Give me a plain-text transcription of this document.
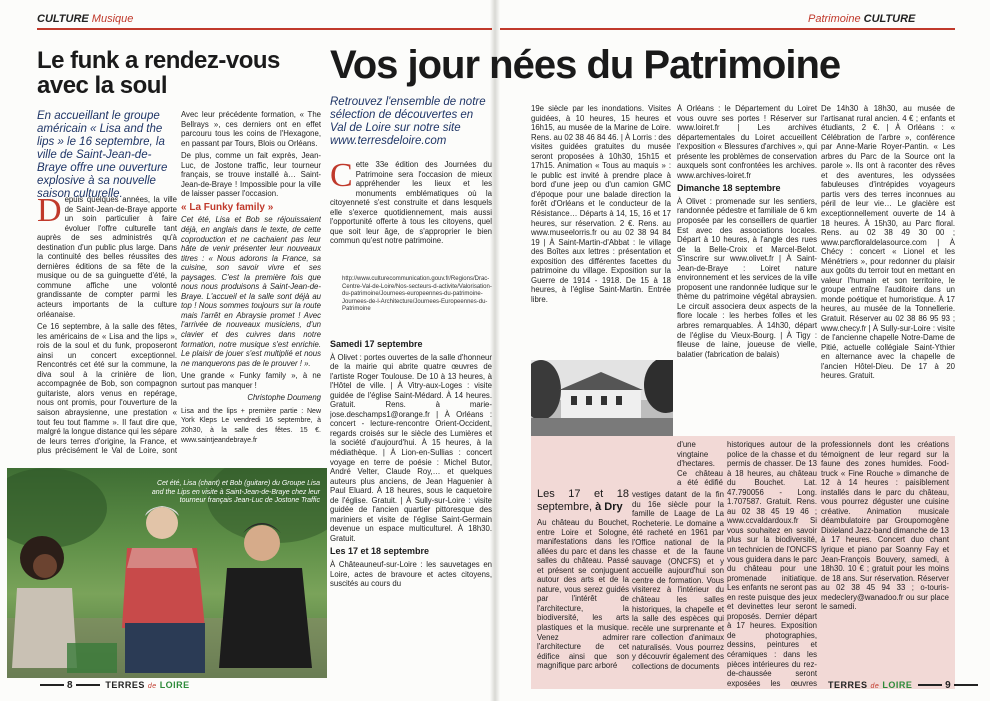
CULTURE Musique
Le funk a rendez-vous avec la soul
En accueillant le groupe américain « Lisa and the lips » le 16 septembre, la ville de Saint-Jean-de-Braye offre une ouverture explosive à sa nouvelle saison culturelle.

Depuis quelques années, la ville de Saint-Jean-de-Braye apporte un soin particulier à faire évoluer l'offre culturelle tant auprès de ses administrés qu'à destination d'un public plus large. Dans la continuité des belles réussites des dernières éditions de sa fête de la musique ou de sa guinguette d'été, la commune affiche une volonté grandissante de compter parmi les acteurs importants de la culture orléanaise.

Ce 16 septembre, à la salle des fêtes, les américains de « Lisa and the lips », rois de la soul et du funk, proposeront ainsi un concert exceptionnel. Rencontrés cet été sur la commune, la diva soul à la crinière de lion, accompagnée de Bob, son compagnon guitariste, alors venus en repérage, nous ont promis, pour l'ouverture de la saison abraysienne, une prestation « tout feu tout flamme ». Il faut dire que, malgré la longue distance qui les sépare de leurs terres d'origine, la France, et plus précisément le Val de Loire, sont

Avec leur précédente formation, « The Bellrays », ces derniers ont en effet parcouru tous les coins de l'Hexagone, en passant par Tours, Blois ou Orléans.

De plus, comme un fait exprès, Jean-Luc, de Jostone traffic, leur tourneur français, se trouve installé à… Saint-Jean-de-Braye ! Impossible pour la ville de laisser passer l'occasion.

« La Funky family »

Cet été, Lisa et Bob se réjouissaient déjà, en anglais dans le texte, de cette coproduction et ne cachaient pas leur hâte de venir présenter leur nouveaux titres : « Nous adorons la France, sa cuisine, son savoir vivre et ses paysages. C'est la première fois que nous nous produisons à Saint-Jean-de-Braye. L'accueil et la salle sont déjà au top ! Nous sommes toujours sur la route mais l'arrêt en Abraysie promet ! Avec l'arrivée de nouveaux musiciens, d'un clavier et des cuivres dans notre formation, notre musique s'est enrichie. Le plaisir de jouer s'est multiplié et nous ne manquerons pas de le prouver ! ».

Une grande « Funky family », à ne surtout pas manquer !

Christophe Doumeng

Lisa and the lips + première partie : New York Kleps Le vendredi 16 septembre, à 20h30, à la salle des fêtes. 15 €. www.saintjeandebraye.fr

Cet été, Lisa (chant) et Bob (guitare) du Groupe Lisa and the Lips en visite à Saint-Jean-de-Braye chez leur tourneur français Jean-Luc de Jostone Traffic
8	TERRES de LOIRE
Patrimoine CULTURE
Vos jour nées du Patrimoine
Retrouvez l'ensemble de notre sélection de découvertes en Val de Loire sur notre site www.terresdeloire.com

Cette 33e édition des Journées du Patrimoine sera l'occasion de mieux appréhender les lieux et les monuments emblématiques où la citoyenneté s'est construite et dans lesquels elle s'exerce quotidiennement, mais aussi l'opportunité offerte à tous les citoyens, quel que soit leur âge, de s'approprier le bien commun qu'est notre patrimoine.

http://www.culturecommunication.gouv.fr/Regions/Drac-Centre-Val-de-Loire/Nos-secteurs-d-activite/Valorisation-du-patrimoine/Journees-europeennes-du-patrimoine-Journees-de-l-Architecture/Journees-Europeennes-du-Patrimoine
Samedi 17 septembre

À Olivet : portes ouvertes de la salle d'honneur de la mairie qui abrite quatre œuvres de l'artiste Roger Toulouse. De 10 à 13 heures, à l'Hôtel de ville. | À Vitry-aux-Loges : visite guidée de l'église Saint-Médard. À 14 heures. Gratuit. Rens. à marie-jose.deschamps1@orange.fr | À Orléans : concert - lecture-rencontre Orient-Occident, regards croisés sur le siècle des Lumières et la société d'aujourd'hui. À 15 heures, à la médiathèque. | À Lion-en-Sullias : concert voyage en terre de poésie : Michel Butor, André Velter, Claude Roy,… et quelques auteurs plus anciens, de Jean Haguenier à Paul Eluard. À 18 heures, sous le caquetoire de l'église. Gratuit. | À Sully-sur-Loire : visite guidée de l'ancien quartier pittoresque des mariniers et visite de l'église Saint-Germain devenue un espace multiculturel. À 18h30. Gratuit.

Les 17 et 18 septembre

À Châteauneuf-sur-Loire : les sauvetages en Loire, actes de bravoure et actes citoyens, suscités au cours du

19e siècle par les inondations. Visites guidées, à 10 heures, 15 heures et 16h15, au musée de la Marine de Loire. Rens. au 02 38 46 84 46. | À Lorris : des visites guidées gratuites du musée seront proposées à 10h30, 15h15 et 17h15. Animation « Tous au maquis » : le public est invité à prendre place à bord d'une jeep ou d'un camion GMC d'époque pour une balade direction la forêt d'Orléans et le conducteur de la Résistance… Départs à 14, 15, 16 et 17 heures, sur réservation. 2 €. Rens. au www.museelorris.fr ou au 02 38 94 84 19 | À Saint-Martin-d'Abbat : le village des Boîtes aux lettres : présentation et exposition des différentes facettes du patrimoine du village. Exposition sur la Guerre de 1914 - 1918. De 15 à 18 heures, à l'église Saint-Martin. Entrée libre.

À Orléans : le Département du Loiret vous ouvre ses portes ! Réserver sur www.loiret.fr | Les archives départementales du Loiret accueillent l'exposition « Blessures d'archives », qui présente les problèmes de conservation auxquels sont confrontées les archives. www.archives-loiret.fr

Dimanche 18 septembre

À Olivet : promenade sur les sentiers, randonnée pédestre et familiale de 6 km proposée par les conseillers de quartier Est avec des associations locales. Départ à 10 heures, à l'angle des rues de la Belle-Croix et Marcel-Belot. S'inscrire sur www.olivet.fr | À Saint-Jean-de-Braye : Loiret nature environnement et les services de la ville proposent une randonnée ludique sur le thème du patrimoine végétal abraysien. Le circuit associera deux aspects de la flore locale : les herbes folles et les arbres remarquables. À 14h30, départ de l'église du Vieux-Bourg. | À Tigy : fileuse de laine, joueuse de vielle, balatier (fabrication de balais)

De 14h30 à 18h30, au musée de l'artisanat rural ancien. 4 € ; enfants et étudiants, 2 €. | À Orléans : « Célébration de l'arbre », conférence par Anne-Marie Royer-Pantin. « Les arbres du Parc de la Source ont la parole ». Ils ont à raconter des rêves et des aventures, les odyssées fabuleuses d'intrépides voyageurs partis vers des terres inconnues au péril de leur vie… Le glacière est exceptionnellement ouverte de 14 à 18 heures. À 15h30, au Parc floral. Rens. au 02 38 49 30 00 ; www.parcfloraldelasource.com | À Chécy : concert « Lionel et les Ménétriers », pour redonner du plaisir aux goûts du terroir tout en mettant en valeur l'humain et son territoire, le groupe entraîne l'auditoire dans un monde poétique et humoristique. À 17 heures, au musée de la Tonnellerie. Gratuit. Réserver au 02 38 86 95 93 ; www.checy.fr | À Sully-sur-Loire : visite de l'ancienne chapelle Notre-Dame de Pitié, actuelle collégiale Saint-Ythier en alternance avec la chapelle de l'ancien Hôtel-Dieu. De 17 à 20 heures. Gratuit.

Les 17 et 18 septembre, à Dry

Au château du Bouchet, entre Loire et Sologne, manifestations dans les allées du parc et dans les salles du château. Passé et présent se conjuguent autour des arts et de la nature, vous serez guidés par l'intérêt de l'architecture, la biodiversité, les arts plastiques et la musique. Venez admirer l'architecture de cet édifice ainsi que son magnifique parc arboré

d'une vingtaine d'hectares. Ce château a été édifié

vestiges datant de la fin du 16e siècle pour la famille de Laage de La Rocheterie. Le domaine a été racheté en 1961 par l'Office national de la chasse et de la faune sauvage (ONCFS) et y accueille aujourd'hui son centre de formation. Vous visiterez à l'intérieur du château les salles historiques, la chapelle et la salle des espèces qui recèle une surprenante et rare collection d'animaux naturalisés. Vous pourrez y découvrir également des collections de documents

historiques autour de la police de la chasse et du permis de chasser. De 13 à 18 heures, au château du Bouchet. Lat. 47.790056 - Long. 1.707587. Gratuit. Rens. au 02 38 45 19 46 ; www.ccvaldardoux.fr Si vous souhaitez en savoir plus sur la biodiversité, un technicien de l'ONCFS vous guidera dans le parc du château pour une promenade initiatique. Les enfants ne seront pas en reste puisque des jeux et devinettes leur seront proposés. Dernier départ à 17 heures. Exposition de photographies, dessins, peintures et céramiques : dans les pièces intérieures du rez-de-chaussée seront exposées les œuvres

professionnels dont les créations témoignent de leur regard sur la faune des zones humides. Food-truck « Fine Rouche » dimanche de 12 à 14 heures : paisiblement installés dans le parc du château, vous pourrez déguster une cuisine créative. Animation musicale déambulatoire par Groupomogène Dixieland Jazz-band dimanche de 13 à 17 heures. Concert duo chant lyrique et piano par Soanny Fay et Jean-François Bouvery, samedi, à 18h30. 10 € ; gratuit pour les moins de 18 ans. Sur réservation. Réserver au 02 38 45 94 33 ; o-touris-medeclery@wanadoo.fr ou sur place le samedi.

TERRES de LOIRE	9
